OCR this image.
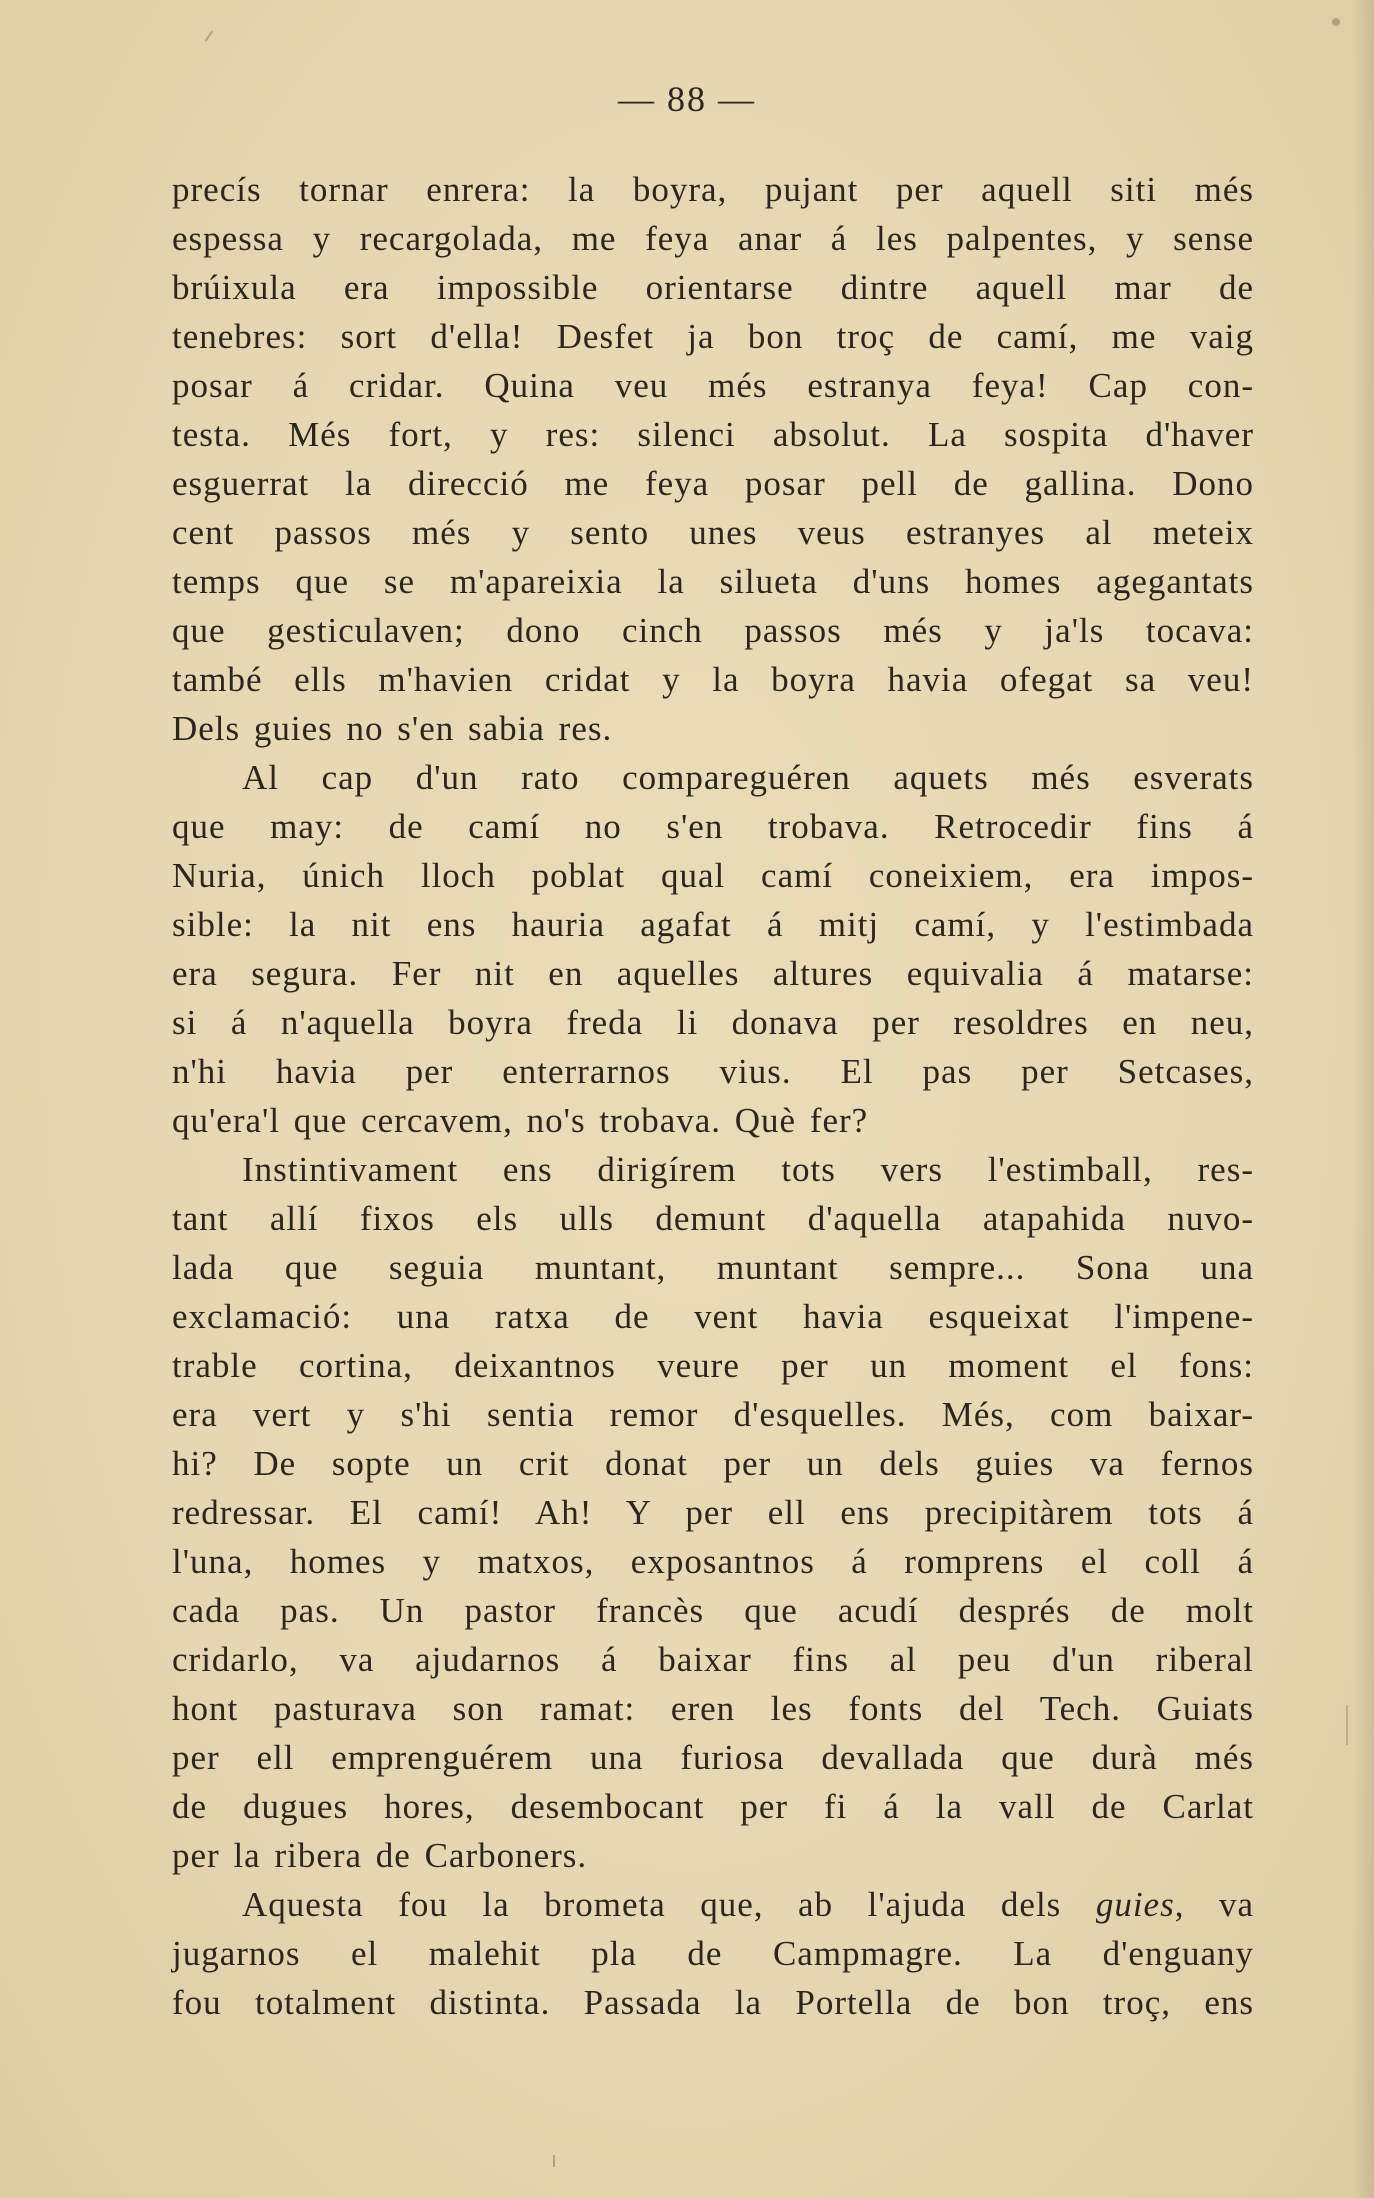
— 88 —
precís tornar enrera: la boyra, pujant per aquell siti més
espessa y recargolada, me feya anar á les palpentes, y sense
brúixula era impossible orientarse dintre aquell mar de
tenebres: sort d'ella! Desfet ja bon troç de camí, me vaig
posar á cridar. Quina veu més estranya feya! Cap con-
testa. Més fort, y res: silenci absolut. La sospita d'haver
esguerrat la direcció me feya posar pell de gallina. Dono
cent passos més y sento unes veus estranyes al meteix
temps que se m'apareixia la silueta d'uns homes agegantats
que gesticulaven; dono cinch passos més y ja'ls tocava:
també ells m'havien cridat y la boyra havia ofegat sa veu!
Dels guies no s'en sabia res.
Al cap d'un rato compareguéren aquets més esverats
que may: de camí no s'en trobava. Retrocedir fins á
Nuria, únich lloch poblat qual camí coneixiem, era impos-
sible: la nit ens hauria agafat á mitj camí, y l'estimbada
era segura. Fer nit en aquelles altures equivalia á matarse:
si á n'aquella boyra freda li donava per resoldres en neu,
n'hi havia per enterrarnos vius. El pas per Setcases,
qu'era'l que cercavem, no's trobava. Què fer?
Instintivament ens dirigírem tots vers l'estimball, res-
tant allí fixos els ulls demunt d'aquella atapahida nuvo-
lada que seguia muntant, muntant sempre... Sona una
exclamació: una ratxa de vent havia esqueixat l'impene-
trable cortina, deixantnos veure per un moment el fons:
era vert y s'hi sentia remor d'esquelles. Més, com baixar-
hi? De sopte un crit donat per un dels guies va fernos
redressar. El camí! Ah! Y per ell ens precipitàrem tots á
l'una, homes y matxos, exposantnos á romprens el coll á
cada pas. Un pastor francès que acudí després de molt
cridarlo, va ajudarnos á baixar fins al peu d'un riberal
hont pasturava son ramat: eren les fonts del Tech. Guiats
per ell emprenguérem una furiosa devallada que durà més
de dugues hores, desembocant per fi á la vall de Carlat
per la ribera de Carboners.
Aquesta fou la brometa que, ab l'ajuda dels guies, va
jugarnos el malehit pla de Campmagre. La d'enguany
fou totalment distinta. Passada la Portella de bon troç, ens
